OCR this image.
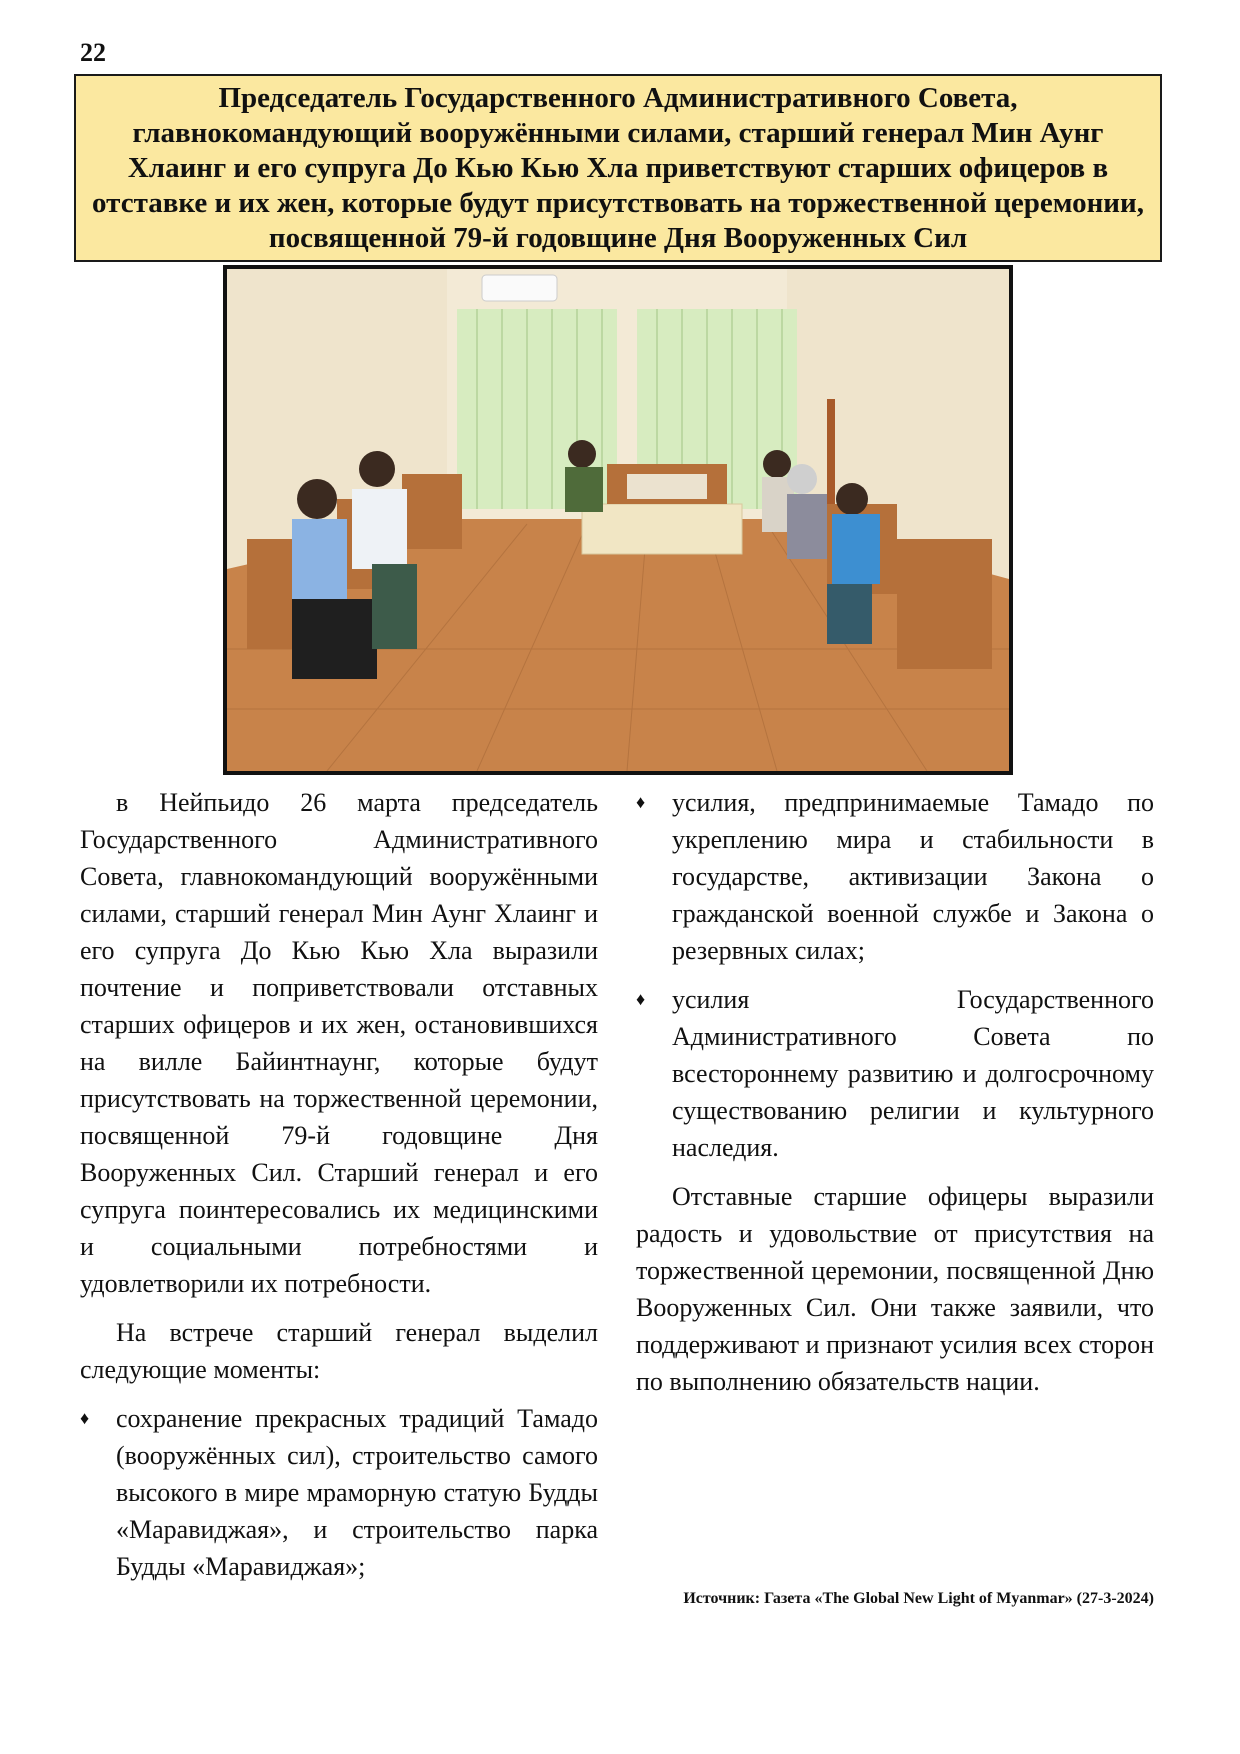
22
Председатель Государственного Административного Совета, главнокомандующий вооружёнными силами, старший генерал Мин Аунг Хлаинг и его супруга До Кью Кью Хла приветствуют старших офицеров в отставке и их жен, которые будут присутствовать на торжественной церемонии, посвященной 79-й годовщине Дня Вооруженных Сил

в Нейпьидо 26 марта председатель Государственного Административного Совета, главнокомандующий вооружёнными силами, старший генерал Мин Аунг Хлаинг и его супруга До Кью Кью Хла выразили почтение и поприветствовали отставных старших офицеров и их жен, остановившихся на вилле Байинтнаунг, которые будут присутствовать на торжественной церемонии, посвященной 79-й годовщине Дня Вооруженных Сил. Старший генерал и его супруга поинтересовались их медицинскими и социальными потребностями и удовлетворили их потребности.

На встрече старший генерал выделил следующие моменты:

♦ сохранение прекрасных традиций Тамадо (вооружённых сил), строительство самого высокого в мире мраморную статую Будды «Маравиджая», и строительство парка Будды «Маравиджая»;
♦ усилия, предпринимаемые Тамадо по укреплению мира и стабильности в государстве, активизации Закона о гражданской военной службе и Закона о резервных силах;
♦ усилия Государственного Административного Совета по всестороннему развитию и долгосрочному существованию религии и культурного наследия.

Отставные старшие офицеры выразили радость и удовольствие от присутствия на торжественной церемонии, посвященной Дню Вооруженных Сил. Они также заявили, что поддерживают и признают усилия всех сторон по выполнению обязательств нации.

Источник: Газета «The Global New Light of Myanmar» (27-3-2024)
